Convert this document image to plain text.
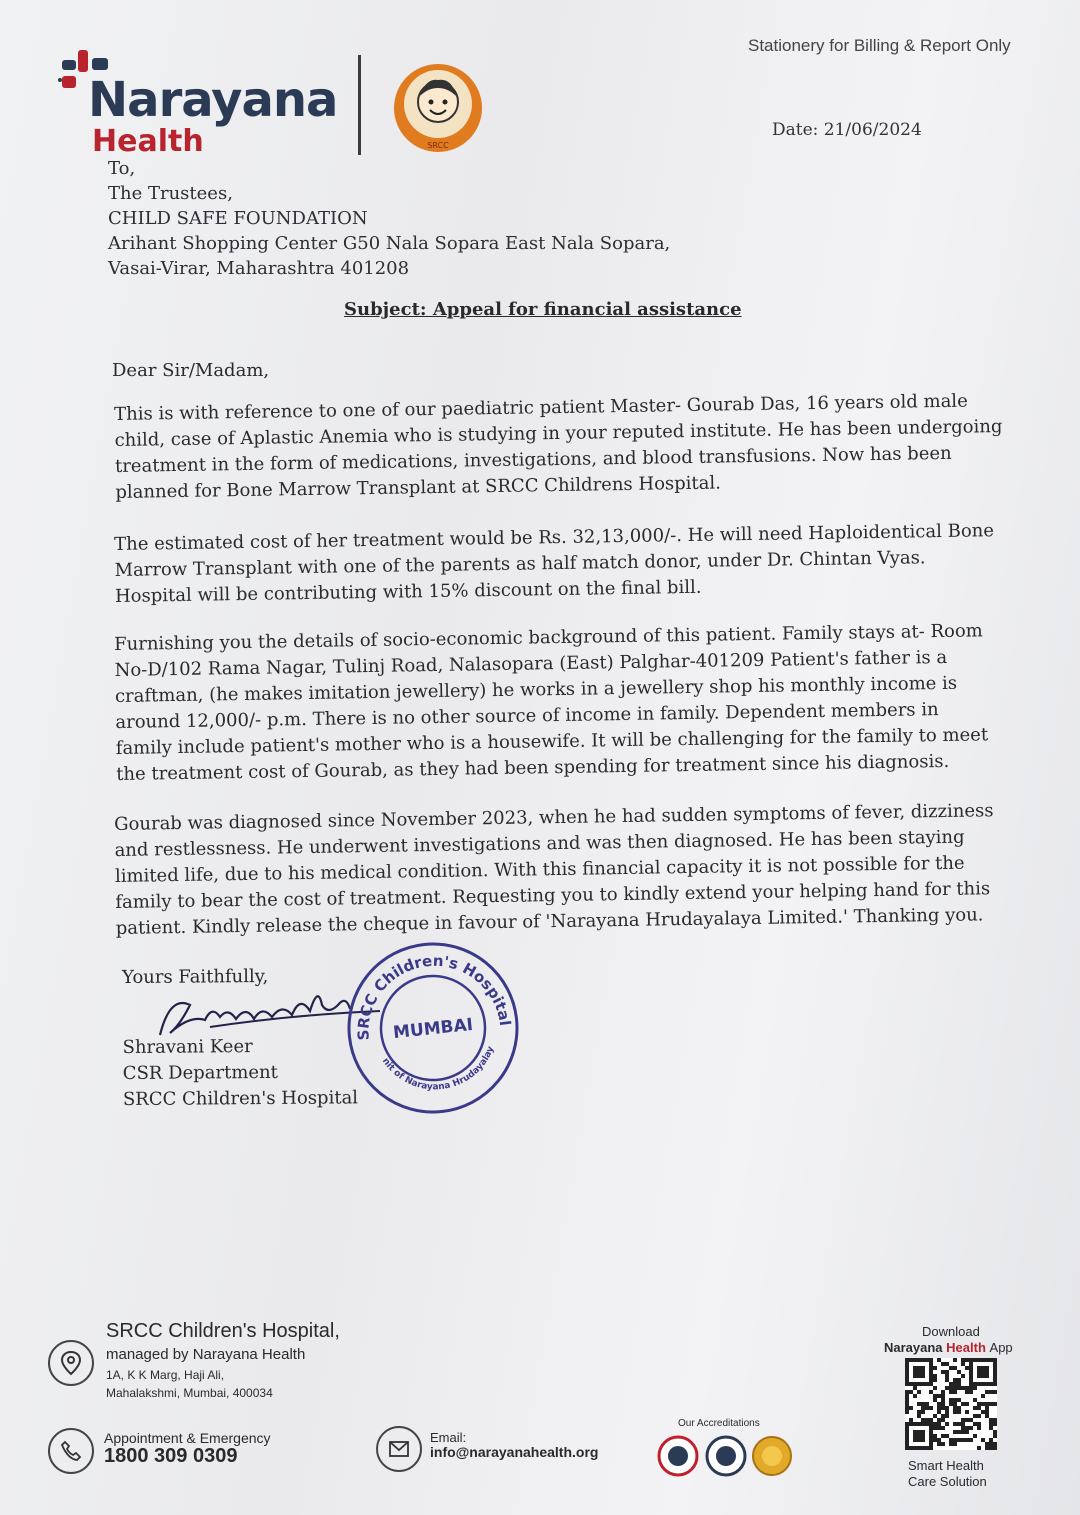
Narayana
Health	SRCC
Stationery for Billing & Report Only
Date: 21/06/2024
To,
The Trustees,
CHILD SAFE FOUNDATION
Arihant Shopping Center G50 Nala Sopara East Nala Sopara,
Vasai-Virar, Maharashtra 401208
Subject: Appeal for financial assistance
Dear Sir/Madam,
This is with reference to one of our paediatric patient Master- Gourab Das, 16 years old male
child, case of Aplastic Anemia who is studying in your reputed institute. He has been undergoing
treatment in the form of medications, investigations, and blood transfusions. Now has been
planned for Bone Marrow Transplant at SRCC Childrens Hospital.
The estimated cost of her treatment would be Rs. 32,13,000/-. He will need Haploidentical Bone
Marrow Transplant with one of the parents as half match donor, under Dr. Chintan Vyas.
Hospital will be contributing with 15% discount on the final bill.
Furnishing you the details of socio-economic background of this patient. Family stays at- Room
No-D/102 Rama Nagar, Tulinj Road, Nalasopara (East) Palghar-401209 Patient's father is a
craftman, (he makes imitation jewellery) he works in a jewellery shop his monthly income is
around 12,000/- p.m. There is no other source of income in family. Dependent members in
family include patient's mother who is a housewife. It will be challenging for the family to meet
the treatment cost of Gourab, as they had been spending for treatment since his diagnosis.
Gourab was diagnosed since November 2023, when he had sudden symptoms of fever, dizziness
and restlessness. He underwent investigations and was then diagnosed. He has been staying
limited life, due to his medical condition. With this financial capacity it is not possible for the
family to bear the cost of treatment. Requesting you to kindly extend your helping hand for this
patient. Kindly release the cheque in favour of 'Narayana Hrudayalaya Limited.' Thanking you.
Yours Faithfully,
Shravani Keer
CSR Department
SRCC Children's Hospital
SRCC Children's Hospital
Unit of Narayana Hrudayalaya
MUMBAI
SRCC Children's Hospital,
managed by Narayana Health
1A, K K Marg, Haji Ali,
Mahalakshmi, Mumbai, 400034
Appointment & Emergency
1800 309 0309
Email:
info@narayanahealth.org
Our Accreditations
Download
Narayana Health App
Smart Health
Care Solution
